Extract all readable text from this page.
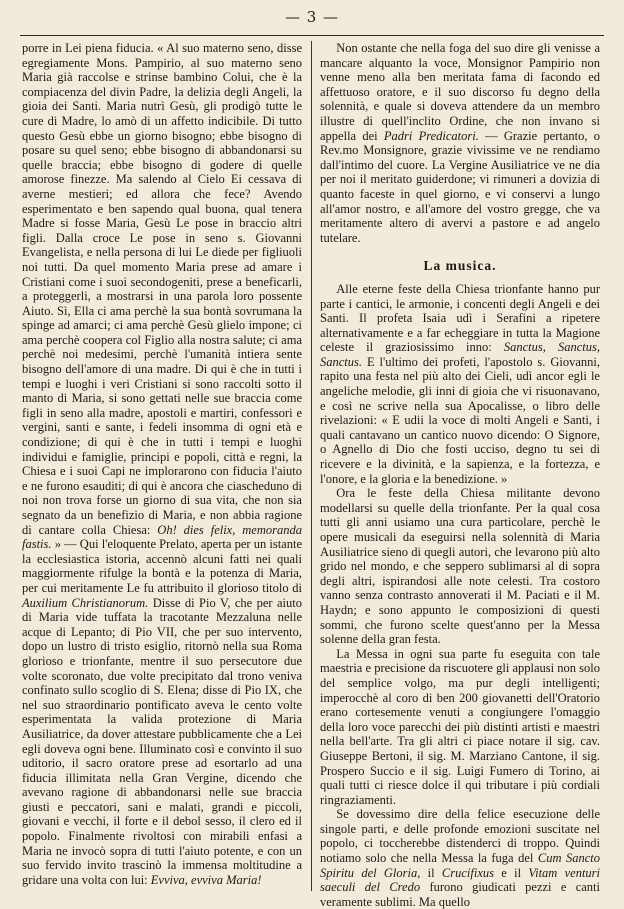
— 3 —

porre in Lei piena fiducia. « Al suo materno seno, disse egregiamente Mons. Pampirio, al suo materno seno Maria già raccolse e strinse bambino Colui, che è la compiacenza del divin Padre, la delizia degli Angeli, la gioia dei Santi. Maria nutrì Gesù, gli prodigò tutte le cure di Madre, lo amò di un affetto indicibile. Di tutto questo Gesù ebbe un giorno bisogno; ebbe bisogno di posare su quel seno; ebbe bisogno di abbandonarsi su quelle braccia; ebbe bisogno di godere di quelle amorose finezze. Ma salendo al Cielo Ei cessava di averne mestieri; ed allora che fece? Avendo esperimentato e ben sapendo qual buona, qual tenera Madre si fosse Maria, Gesù Le pose in braccio altri figli. Dalla croce Le pose in seno s. Giovanni Evangelista, e nella persona di lui Le diede per figliuoli noi tutti. Da quel momento Maria prese ad amare i Cristiani come i suoi secondogeniti, prese a beneficarli, a proteggerli, a mostrarsi in una parola loro possente Aiuto. Sì, Ella ci ama perchè la sua bontà sovrumana la spinge ad amarci; ci ama perchè Gesù glielo impone; ci ama perchè coopera col Figlio alla nostra salute; ci ama perchè noi medesimi, perchè l'umanità intiera sente bisogno dell'amore di una madre. Di qui è che in tutti i tempi e luoghi i veri Cristiani si sono raccolti sotto il manto di Maria, si sono gettati nelle sue braccia come figli in seno alla madre, apostoli e martiri, confessori e vergini, santi e sante, i fedeli insomma di ogni età e condizione; di qui è che in tutti i tempi e luoghi individui e famiglie, principi e popoli, città e regni, la Chiesa e i suoi Capi ne implorarono con fiducia l'aiuto e ne furono esauditi; di qui è ancora che ciascheduno di noi non trova forse un giorno di sua vita, che non sia segnato da un benefizio di Maria, e non abbia ragione di cantare colla Chiesa: Oh! dies felix, memoranda fastis. » — Qui l'eloquente Prelato, aperta per un istante la ecclesiastica istoria, accennò alcuni fatti nei quali maggiormente rifulge la bontà e la potenza di Maria, per cui meritamente Le fu attribuito il glorioso titolo di Auxilium Christianorum. Disse di Pio V, che per aiuto di Maria vide tuffata la tracotante Mezzaluna nelle acque di Lepanto; di Pio VII, che per suo intervento, dopo un lustro di tristo esiglio, ritornò nella sua Roma glorioso e trionfante, mentre il suo persecutore due volte scoronato, due volte precipitato dal trono veniva confinato sullo scoglio di S. Elena; disse di Pio IX, che nel suo straordinario pontificato aveva le cento volte esperimentata la valida protezione di Maria Ausiliatrice, da dover attestare pubblicamente che a Lei egli doveva ogni bene. Illuminato così e convinto il suo uditorio, il sacro oratore prese ad esortarlo ad una fiducia illimitata nella Gran Vergine, dicendo che avevano ragione di abbandonarsi nelle sue braccia giusti e peccatori, sani e malati, grandi e piccoli, giovani e vecchi, il forte e il debol sesso, il clero ed il popolo. Finalmente rivoltosi con mirabili enfasi a Maria ne invocò sopra di tutti l'aiuto potente, e con un suo fervido invito trascinò la immensa moltitudine a gridare una volta con lui: Evviva, evviva Maria!

Non ostante che nella foga del suo dire gli venisse a mancare alquanto la voce, Monsignor Pampirio non venne meno alla ben meritata fama di facondo ed affettuoso oratore, e il suo discorso fu degno della solennità, e quale si doveva attendere da un membro illustre di quell'inclito Ordine, che non invano si appella dei Padri Predicatori. — Grazie pertanto, o Rev.mo Monsignore, grazie vivissime ve ne rendiamo dall'intimo del cuore. La Vergine Ausiliatrice ve ne dia per noi il meritato guiderdone; vi rimuneri a dovizia di quanto faceste in quel giorno, e vi conservi a lungo all'amor nostro, e all'amore del vostro gregge, che va meritamente altero di avervi a pastore e ad angelo tutelare.

La musica.

Alle eterne feste della Chiesa trionfante hanno pur parte i cantici, le armonie, i concenti degli Angeli e dei Santi. Il profeta Isaia udì i Serafini a ripetere alternativamente e a far echeggiare in tutta la Magione celeste il graziosissimo inno: Sanctus, Sanctus, Sanctus. E l'ultimo dei profeti, l'apostolo s. Giovanni, rapito una festa nel più alto dei Cieli, udì ancor egli le angeliche melodie, gli inni di gioia che vi risuonavano, e così ne scrive nella sua Apocalisse, o libro delle rivelazioni: « E udii la voce di molti Angeli e Santi, i quali cantavano un cantico nuovo dicendo: O Signore, o Agnello di Dio che fosti ucciso, degno tu sei di ricevere e la divinità, e la sapienza, e la fortezza, e l'onore, e la gloria e la benedizione. »

Ora le feste della Chiesa militante devono modellarsi su quelle della trionfante. Per la qual cosa tutti gli anni usiamo una cura particolare, perchè le opere musicali da eseguirsi nella solennità di Maria Ausiliatrice sieno di quegli autori, che levarono più alto grido nel mondo, e che seppero sublimarsi al di sopra degli altri, ispirandosi alle note celesti. Tra costoro vanno senza contrasto annoverati il M. Paciati e il M. Haydn; e sono appunto le composizioni di questi sommi, che furono scelte quest'anno per la Messa solenne della gran festa.

La Messa in ogni sua parte fu eseguita con tale maestria e precisione da riscuotere gli applausi non solo del semplice volgo, ma pur degli intelligenti; imperocchè al coro di ben 200 giovanetti dell'Oratorio erano cortesemente venuti a congiungere l'omaggio della loro voce parecchi dei più distinti artisti e maestri nella bell'arte. Tra gli altri ci piace notare il sig. cav. Giuseppe Bertoni, il sig. M. Marziano Cantone, il sig. Prospero Succio e il sig. Luigi Fumero di Torino, ai quali tutti ci riesce dolce il qui tributare i più cordiali ringraziamenti.

Se dovessimo dire della felice esecuzione delle singole parti, e delle profonde emozioni suscitate nel popolo, ci toccherebbe distenderci di troppo. Quindi notiamo solo che nella Messa la fuga del Cum Sancto Spiritu del Gloria, il Crucifixus e il Vitam venturi saeculi del Credo furono giudicati pezzi e canti veramente sublimi. Ma quello
